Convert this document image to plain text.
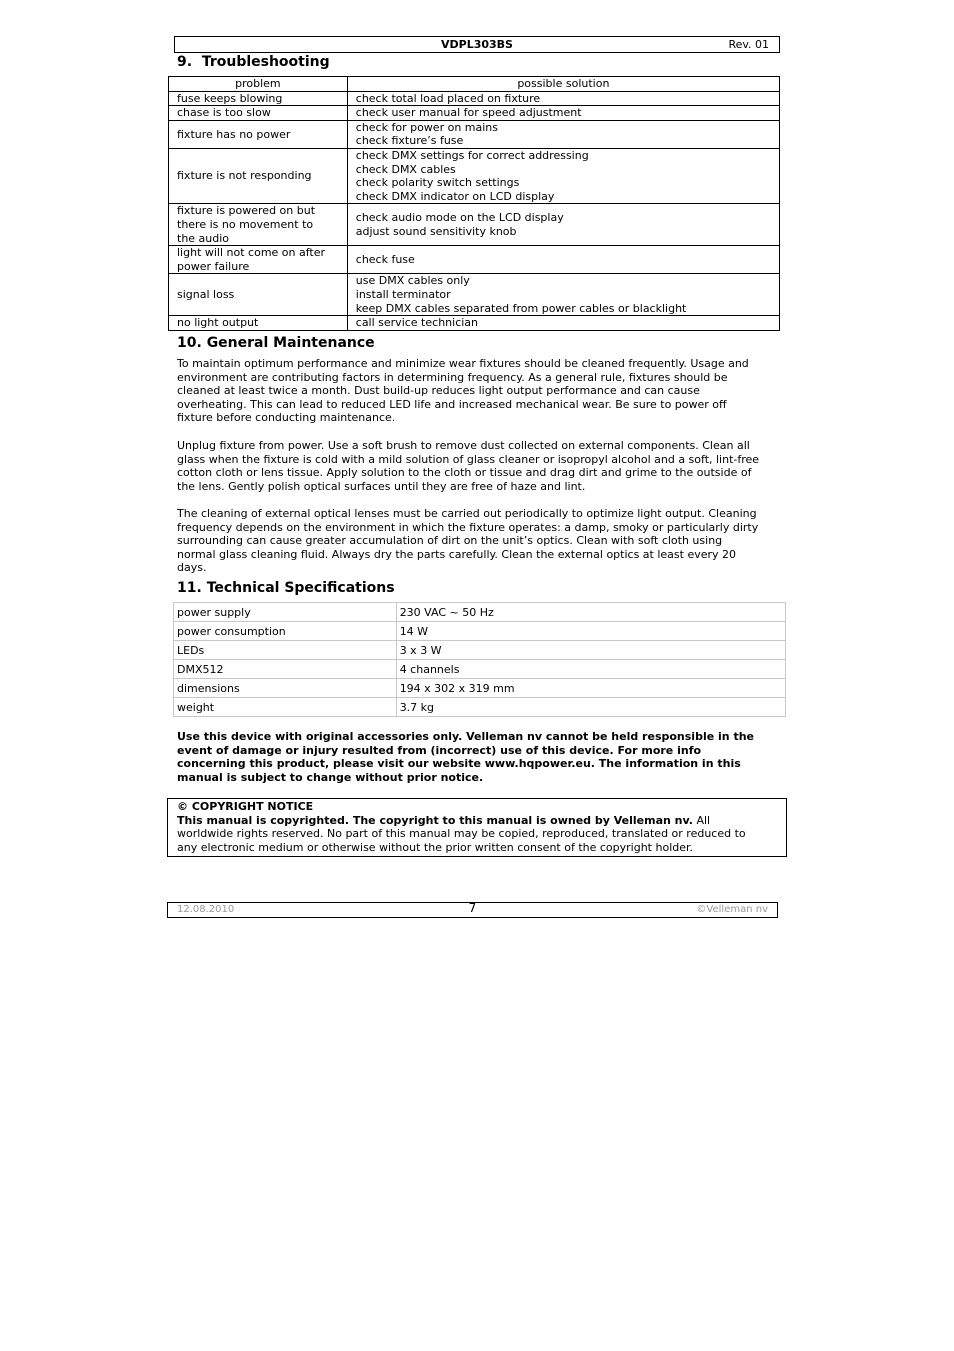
VDPL303BS	Rev. 01
9. Troubleshooting
problem	possible solution

fuse keeps blowing	check total load placed on fixture

chase is too slow	check user manual for speed adjustment

fixture has no power	check for power on mains
check fixture’s fuse

fixture is not responding	check DMX settings for correct addressing
check DMX cables
check polarity switch settings
check DMX indicator on LCD display

fixture is powered on but
there is no movement to
the audio	check audio mode on the LCD display
adjust sound sensitivity knob

light will not come on after
power failure	check fuse

signal loss	use DMX cables only
install terminator
keep DMX cables separated from power cables or blacklight

no light output	call service technician
10. General Maintenance
To maintain optimum performance and minimize wear fixtures should be cleaned frequently. Usage and
environment are contributing factors in determining frequency. As a general rule, fixtures should be
cleaned at least twice a month. Dust build-up reduces light output performance and can cause
overheating. This can lead to reduced LED life and increased mechanical wear. Be sure to power off
fixture before conducting maintenance.
Unplug fixture from power. Use a soft brush to remove dust collected on external components. Clean all
glass when the fixture is cold with a mild solution of glass cleaner or isopropyl alcohol and a soft, lint-free
cotton cloth or lens tissue. Apply solution to the cloth or tissue and drag dirt and grime to the outside of
the lens. Gently polish optical surfaces until they are free of haze and lint.
The cleaning of external optical lenses must be carried out periodically to optimize light output. Cleaning
frequency depends on the environment in which the fixture operates: a damp, smoky or particularly dirty
surrounding can cause greater accumulation of dirt on the unit’s optics. Clean with soft cloth using
normal glass cleaning fluid. Always dry the parts carefully. Clean the external optics at least every 20
days.
11. Technical Specifications
power supply	230 VAC ~ 50 Hz
power consumption	14 W
LEDs	3 x 3 W
DMX512	4 channels
dimensions	194 x 302 x 319 mm
weight	3.7 kg
Use this device with original accessories only. Velleman nv cannot be held responsible in the
event of damage or injury resulted from (incorrect) use of this device. For more info
concerning this product, please visit our website www.hqpower.eu. The information in this
manual is subject to change without prior notice.
© COPYRIGHT NOTICE
This manual is copyrighted. The copyright to this manual is owned by Velleman nv. All
worldwide rights reserved. No part of this manual may be copied, reproduced, translated or reduced to
any electronic medium or otherwise without the prior written consent of the copyright holder.
12.08.2010	7	©Velleman nv
